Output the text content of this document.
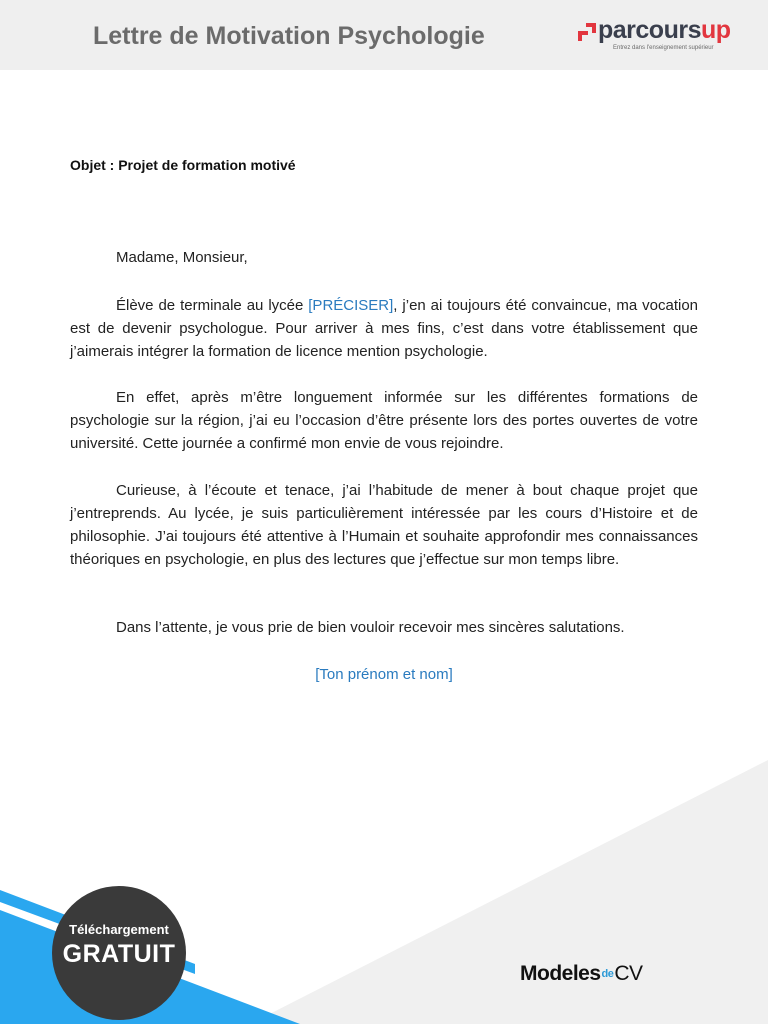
Lettre de Motivation Psychologie	parcoursup
Entrez dans l'enseignement supérieur
Objet : Projet de formation motivé
Madame, Monsieur,

Élève de terminale au lycée [PRÉCISER], j’en ai toujours été convaincue, ma vocation est de devenir psychologue. Pour arriver à mes fins, c’est dans votre établissement que j’aimerais intégrer la formation de licence mention psychologie.

En effet, après m’être longuement informée sur les différentes formations de psychologie sur la région, j’ai eu l’occasion d’être présente lors des portes ouvertes de votre université. Cette journée a confirmé mon envie de vous rejoindre.

Curieuse, à l’écoute et tenace, j’ai l’habitude de mener à bout chaque projet que j’entreprends. Au lycée, je suis particulièrement intéressée par les cours d’Histoire et de philosophie. J’ai toujours été attentive à l’Humain et souhaite approfondir mes connaissances théoriques en psychologie, en plus des lectures que j’effectue sur mon temps libre.

Dans l’attente, je vous prie de bien vouloir recevoir mes sincères salutations.
[Ton prénom et nom]
Téléchargement
GRATUIT
ModelesdeCV
